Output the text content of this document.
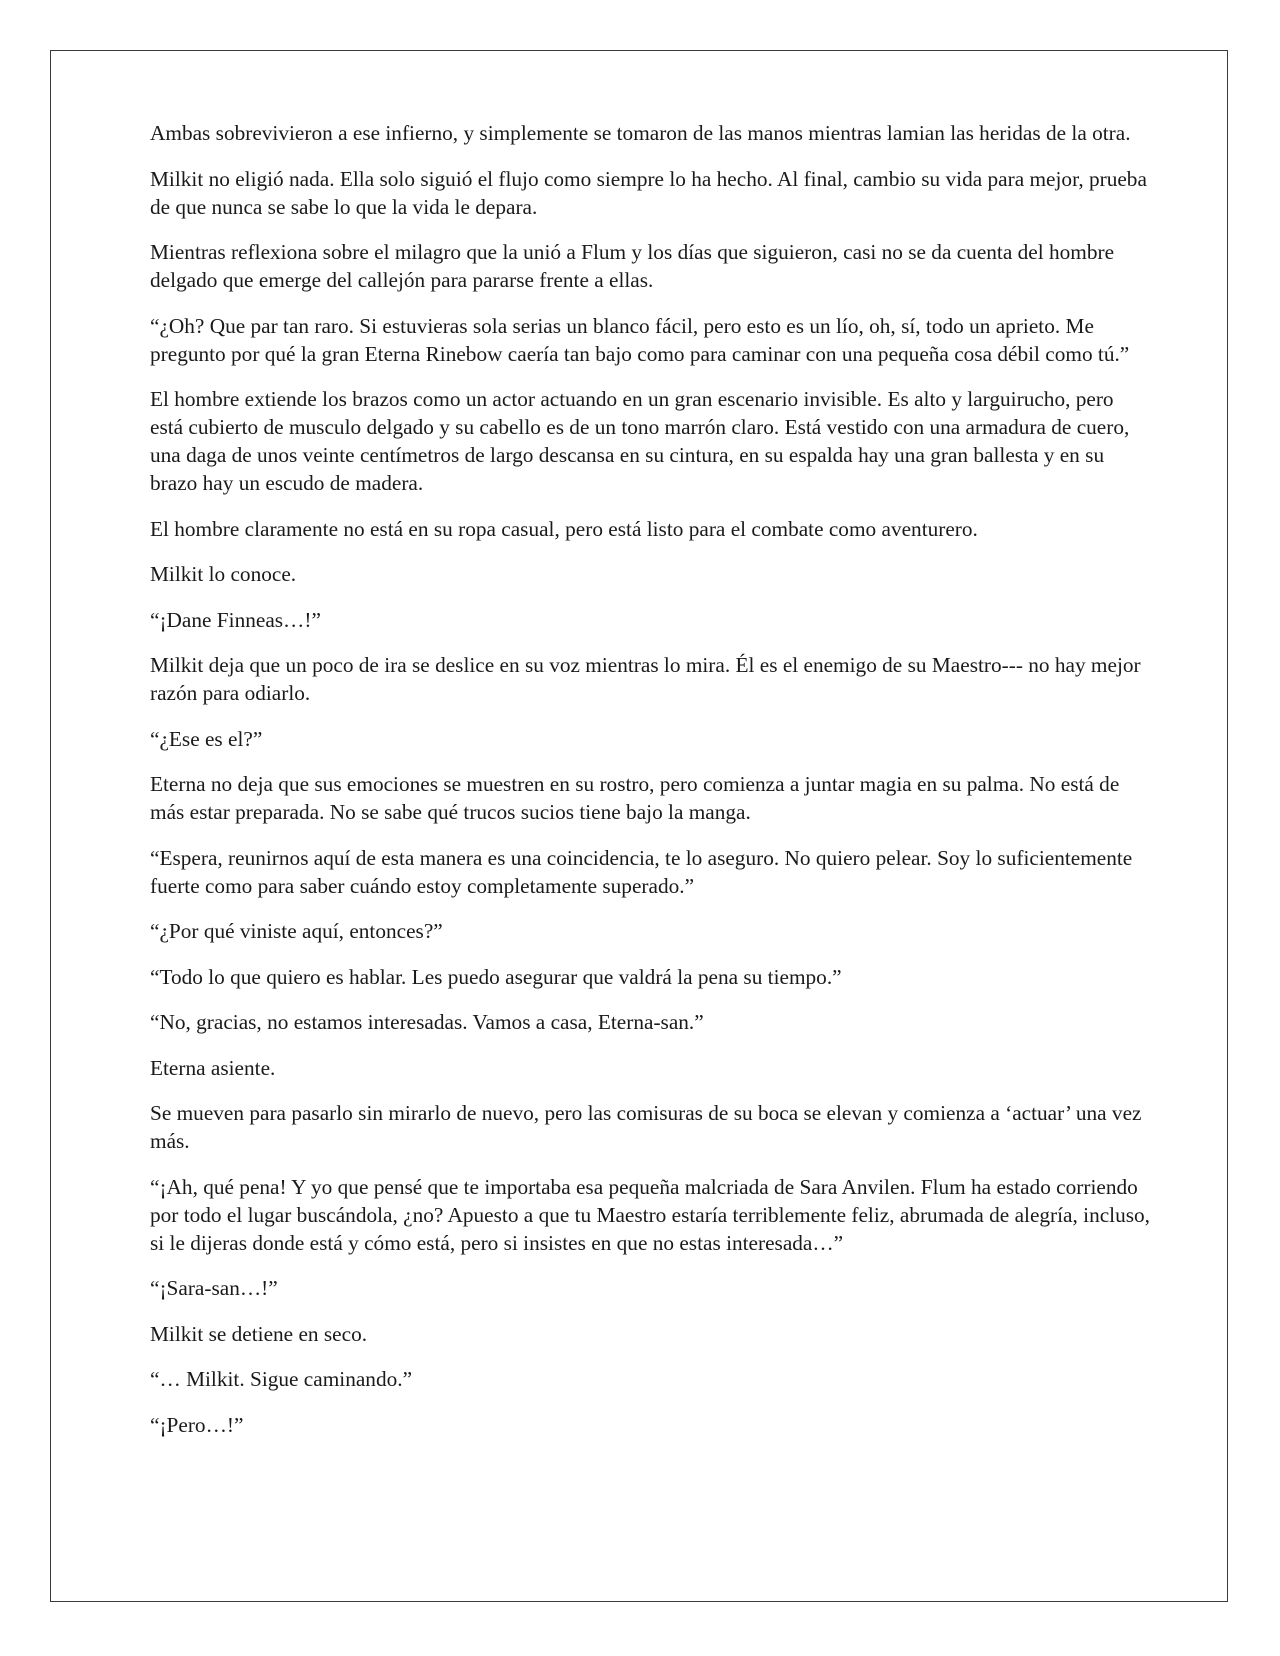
Ambas sobrevivieron a ese infierno, y simplemente se tomaron de las manos mientras lamian las heridas de la otra.

Milkit no eligió nada. Ella solo siguió el flujo como siempre lo ha hecho. Al final, cambio su vida para mejor, prueba de que nunca se sabe lo que la vida le depara.

Mientras reflexiona sobre el milagro que la unió a Flum y los días que siguieron, casi no se da cuenta del hombre delgado que emerge del callejón para pararse frente a ellas.

“¿Oh? Que par tan raro. Si estuvieras sola serias un blanco fácil, pero esto es un lío, oh, sí, todo un aprieto. Me pregunto por qué la gran Eterna Rinebow caería tan bajo como para caminar con una pequeña cosa débil como tú.”

El hombre extiende los brazos como un actor actuando en un gran escenario invisible. Es alto y larguirucho, pero está cubierto de musculo delgado y su cabello es de un tono marrón claro. Está vestido con una armadura de cuero, una daga de unos veinte centímetros de largo descansa en su cintura, en su espalda hay una gran ballesta y en su brazo hay un escudo de madera.

El hombre claramente no está en su ropa casual, pero está listo para el combate como aventurero.

Milkit lo conoce.

“¡Dane Finneas…!”

Milkit deja que un poco de ira se deslice en su voz mientras lo mira. Él es el enemigo de su Maestro--- no hay mejor razón para odiarlo.

“¿Ese es el?”

Eterna no deja que sus emociones se muestren en su rostro, pero comienza a juntar magia en su palma. No está de más estar preparada. No se sabe qué trucos sucios tiene bajo la manga.

“Espera, reunirnos aquí de esta manera es una coincidencia, te lo aseguro. No quiero pelear. Soy lo suficientemente fuerte como para saber cuándo estoy completamente superado.”

“¿Por qué viniste aquí, entonces?”

“Todo lo que quiero es hablar. Les puedo asegurar que valdrá la pena su tiempo.”

“No, gracias, no estamos interesadas. Vamos a casa, Eterna-san.”

Eterna asiente.

Se mueven para pasarlo sin mirarlo de nuevo, pero las comisuras de su boca se elevan y comienza a ‘actuar’ una vez más.

“¡Ah, qué pena! Y yo que pensé que te importaba esa pequeña malcriada de Sara Anvilen. Flum ha estado corriendo por todo el lugar buscándola, ¿no? Apuesto a que tu Maestro estaría terriblemente feliz, abrumada de alegría, incluso, si le dijeras donde está y cómo está, pero si insistes en que no estas interesada…”

“¡Sara-san…!”

Milkit se detiene en seco.

“… Milkit. Sigue caminando.”

“¡Pero…!”
